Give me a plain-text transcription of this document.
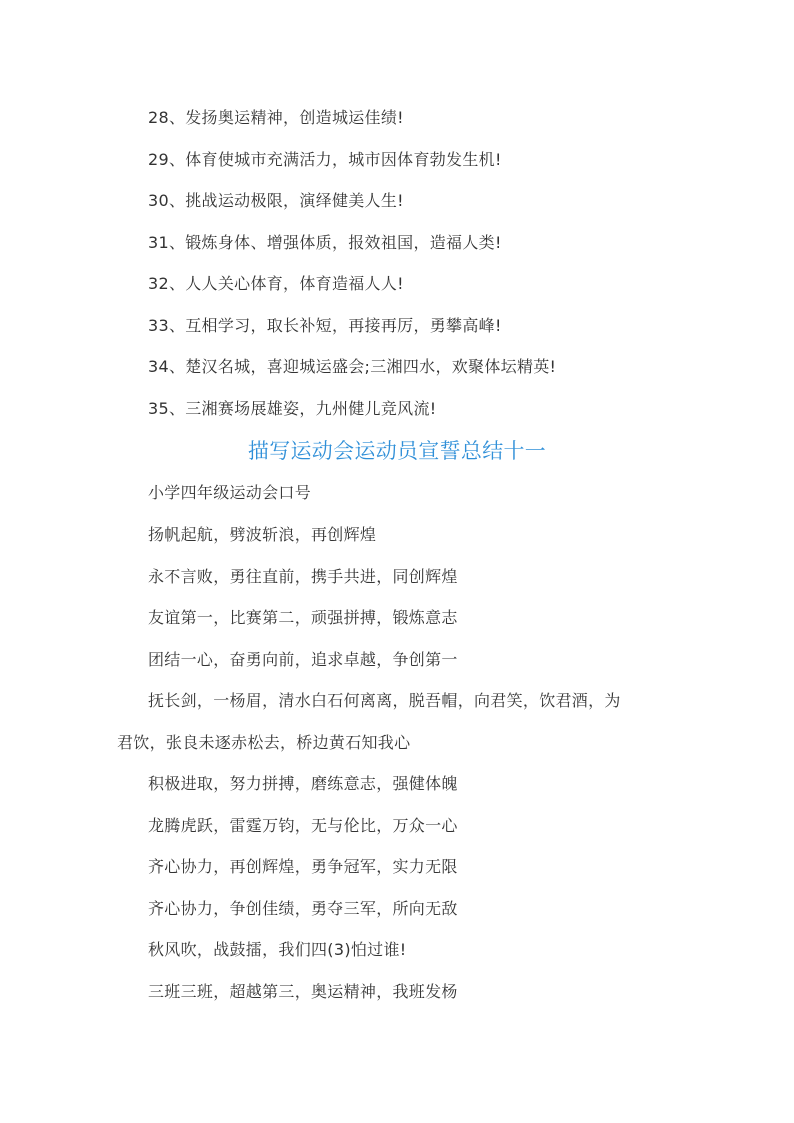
28、发扬奥运精神，创造城运佳绩!
29、体育使城市充满活力，城市因体育勃发生机!
30、挑战运动极限，演绎健美人生!
31、锻炼身体、增强体质，报效祖国，造福人类!
32、人人关心体育，体育造福人人!
33、互相学习，取长补短，再接再厉，勇攀高峰!
34、楚汉名城，喜迎城运盛会;三湘四水，欢聚体坛精英!
35、三湘赛场展雄姿，九州健儿竞风流!
描写运动会运动员宣誓总结十一
小学四年级运动会口号
扬帆起航，劈波斩浪，再创辉煌
永不言败，勇往直前，携手共进，同创辉煌
友谊第一，比赛第二，顽强拼搏，锻炼意志
团结一心，奋勇向前，追求卓越，争创第一
抚长剑，一杨眉，清水白石何离离，脱吾帽，向君笑，饮君酒，为
君饮，张良未逐赤松去，桥边黄石知我心
积极进取，努力拼搏，磨练意志，强健体魄
龙腾虎跃，雷霆万钧，无与伦比，万众一心
齐心协力，再创辉煌，勇争冠军，实力无限
齐心协力，争创佳绩，勇夺三军，所向无敌
秋风吹，战鼓擂，我们四(3)怕过谁!
三班三班，超越第三，奥运精神，我班发杨
